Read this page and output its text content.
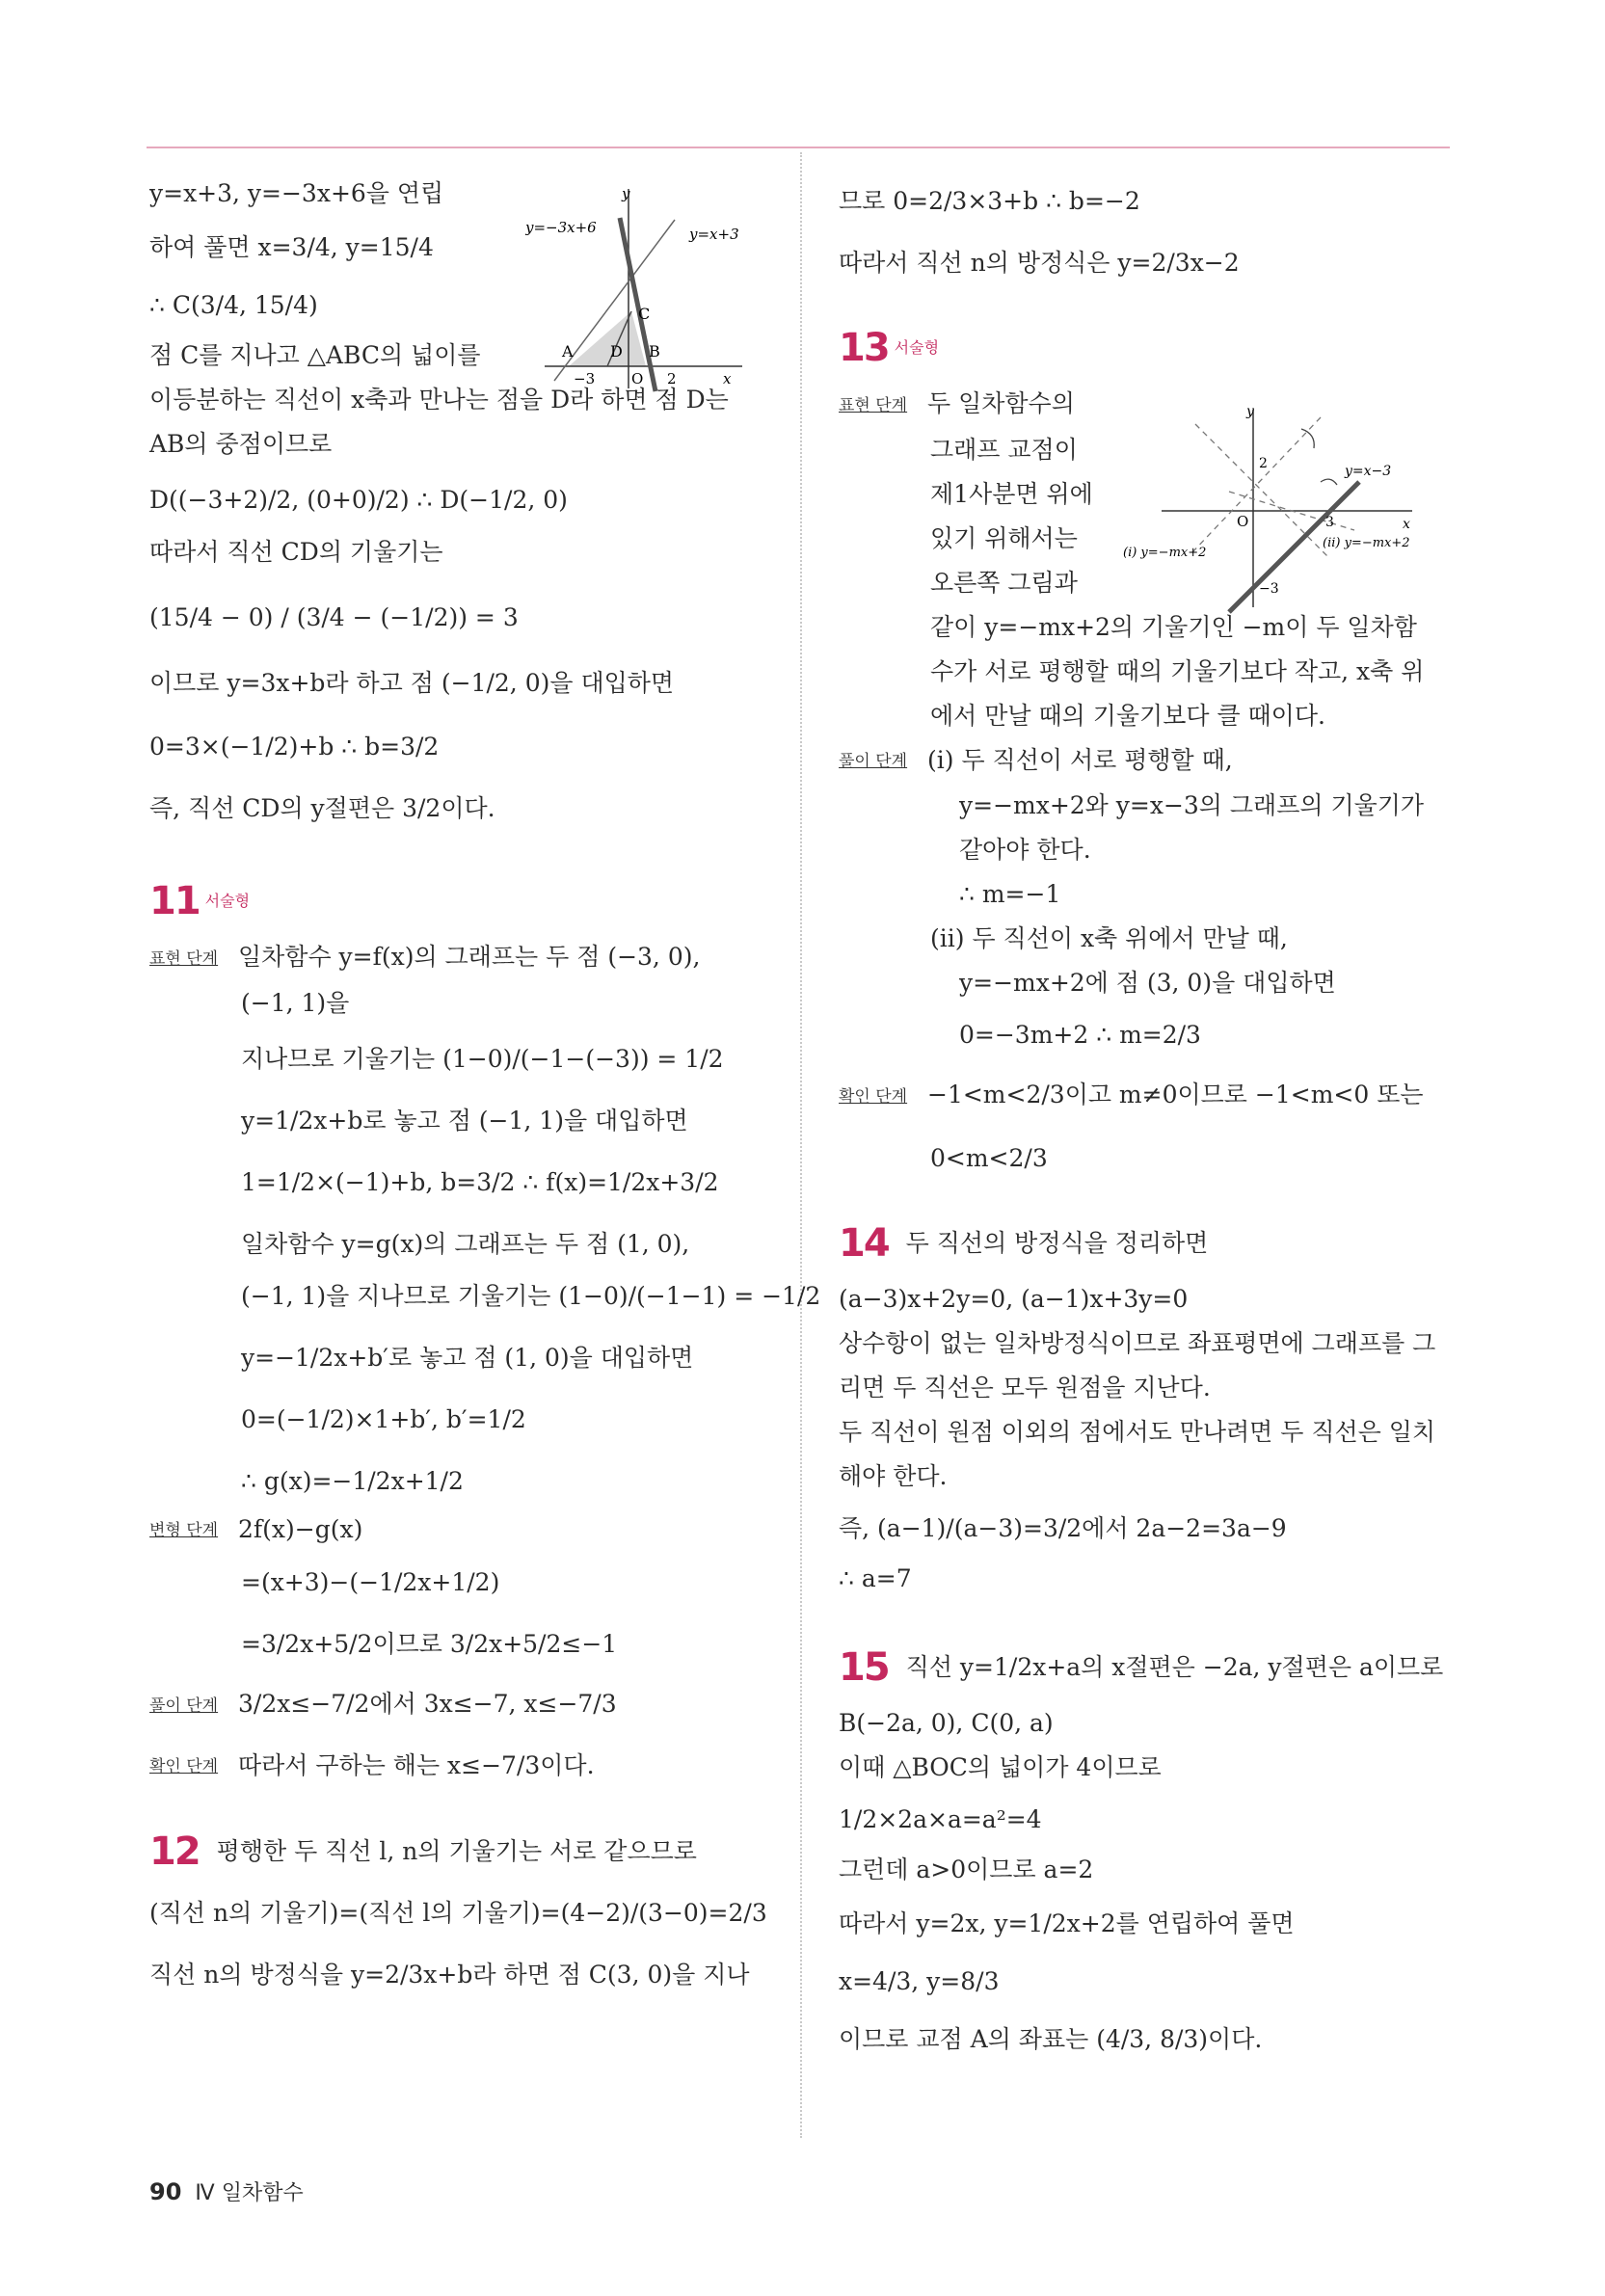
y=x+3, y=−3x+6을 연립
하여 풀면 x=3/4, y=15/4
∴ C(3/4, 15/4)
점 C를 지나고 △ABC의 넓이를
이등분하는 직선이 x축과 만나는 점을 D라 하면 점 D는
AB의 중점이므로
D((−3+2)/2, (0+0)/2) ∴ D(−1/2, 0)
따라서 직선 CD의 기울기는
(15/4 − 0) / (3/4 − (−1/2)) = 3
이므로 y=3x+b라 하고 점 (−1/2, 0)을 대입하면
0=3×(−1/2)+b ∴ b=3/2
즉, 직선 CD의 y절편은 3/2이다.
11 서술형
표현 단계 일차함수 y=f(x)의 그래프는 두 점 (−3, 0),
(−1, 1)을
지나므로 기울기는 (1−0)/(−1−(−3)) = 1/2
y=1/2x+b로 놓고 점 (−1, 1)을 대입하면
1=1/2×(−1)+b, b=3/2 ∴ f(x)=1/2x+3/2
일차함수 y=g(x)의 그래프는 두 점 (1, 0),
(−1, 1)을 지나므로 기울기는 (1−0)/(−1−1) = −1/2
y=−1/2x+b′로 놓고 점 (1, 0)을 대입하면
0=(−1/2)×1+b′, b′=1/2
∴ g(x)=−1/2x+1/2
변형 단계 2f(x)−g(x)
=(x+3)−(−1/2x+1/2)
=3/2x+5/2이므로 3/2x+5/2≤−1
풀이 단계 3/2x≤−7/2에서 3x≤−7, x≤−7/3
확인 단계 따라서 구하는 해는 x≤−7/3이다.
12 평행한 두 직선 l, n의 기울기는 서로 같으므로
(직선 n의 기울기)=(직선 l의 기울기)=(4−2)/(3−0)=2/3
직선 n의 방정식을 y=2/3x+b라 하면 점 C(3, 0)을 지나
므로 0=2/3×3+b ∴ b=−2
따라서 직선 n의 방정식은 y=2/3x−2
13 서술형
표현 단계 두 일차함수의
그래프 교점이
제1사분면 위에
있기 위해서는
오른쪽 그림과
같이 y=−mx+2의 기울기인 −m이 두 일차함
수가 서로 평행할 때의 기울기보다 작고, x축 위
에서 만날 때의 기울기보다 클 때이다.
풀이 단계 (i) 두 직선이 서로 평행할 때,
y=−mx+2와 y=x−3의 그래프의 기울기가
같아야 한다.
∴ m=−1
(ii) 두 직선이 x축 위에서 만날 때,
y=−mx+2에 점 (3, 0)을 대입하면
0=−3m+2 ∴ m=2/3
확인 단계 −1<m<2/3이고 m≠0이므로 −1<m<0 또는
0<m<2/3
14 두 직선의 방정식을 정리하면
(a−3)x+2y=0, (a−1)x+3y=0
상수항이 없는 일차방정식이므로 좌표평면에 그래프를 그
리면 두 직선은 모두 원점을 지난다.
두 직선이 원점 이외의 점에서도 만나려면 두 직선은 일치
해야 한다.
즉, (a−1)/(a−3)=3/2에서 2a−2=3a−9
∴ a=7
15 직선 y=1/2x+a의 x절편은 −2a, y절편은 a이므로
B(−2a, 0), C(0, a)
이때 △BOC의 넓이가 4이므로
1/2×2a×a=a²=4
그런데 a>0이므로 a=2
따라서 y=2x, y=1/2x+2를 연립하여 풀면
x=4/3, y=8/3
이므로 교점 A의 좌표는 (4/3, 8/3)이다.
y
x
y=−3x+6	y=x+3
A D B
C
O
−3	2
y
x
O
2
3
−3
y=x−3
(i) y=−mx+2
(ii) y=−mx+2
90 Ⅳ 일차함수
